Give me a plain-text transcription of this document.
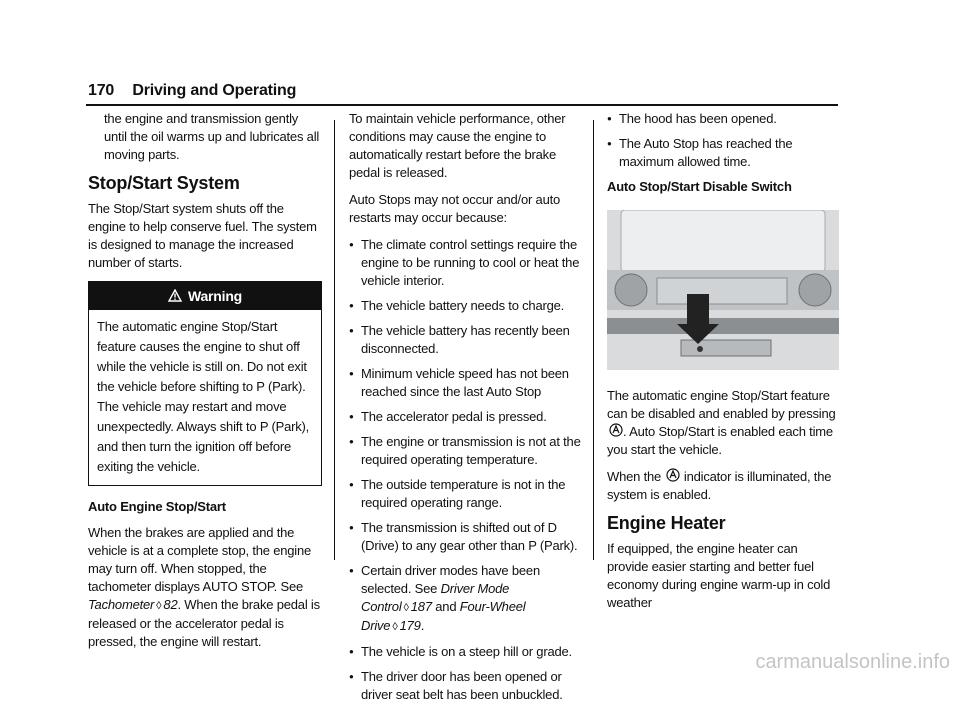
170 Driving and Operating

the engine and transmission gently until the oil warms up and lubricates all moving parts.

Stop/Start System

The Stop/Start system shuts off the engine to help conserve fuel. The system is designed to manage the increased number of starts.

Warning
The automatic engine Stop/Start feature causes the engine to shut off while the vehicle is still on. Do not exit the vehicle before shifting to P (Park). The vehicle may restart and move unexpectedly. Always shift to P (Park), and then turn the ignition off before exiting the vehicle.
Auto Engine Stop/Start

When the brakes are applied and the vehicle is at a complete stop, the engine may turn off. When stopped, the tachometer displays AUTO STOP. See Tachometer ◊ 82. When the brake pedal is released or the accelerator pedal is pressed, the engine will restart.

To maintain vehicle performance, other conditions may cause the engine to automatically restart before the brake pedal is released.

Auto Stops may not occur and/or auto restarts may occur because:

● The climate control settings require the engine to be running to cool or heat the vehicle interior.
● The vehicle battery needs to charge.
● The vehicle battery has recently been disconnected.
● Minimum vehicle speed has not been reached since the last Auto Stop
● The accelerator pedal is pressed.
● The engine or transmission is not at the required operating temperature.
● The outside temperature is not in the required operating range.
● The transmission is shifted out of D (Drive) to any gear other than P (Park).
● Certain driver modes have been selected. See Driver Mode Control ◊ 187 and Four-Wheel Drive ◊ 179.
● The vehicle is on a steep hill or grade.
● The driver door has been opened or driver seat belt has been unbuckled.
● The hood has been opened.
● The Auto Stop has reached the maximum allowed time.
Auto Stop/Start Disable Switch

The automatic engine Stop/Start feature can be disabled and enabled by pressing . Auto Stop/Start is enabled each time you start the vehicle.

When the  indicator is illuminated, the system is enabled.

Engine Heater

If equipped, the engine heater can provide easier starting and better fuel economy during engine warm-up in cold weather

carmanualsonline.info
